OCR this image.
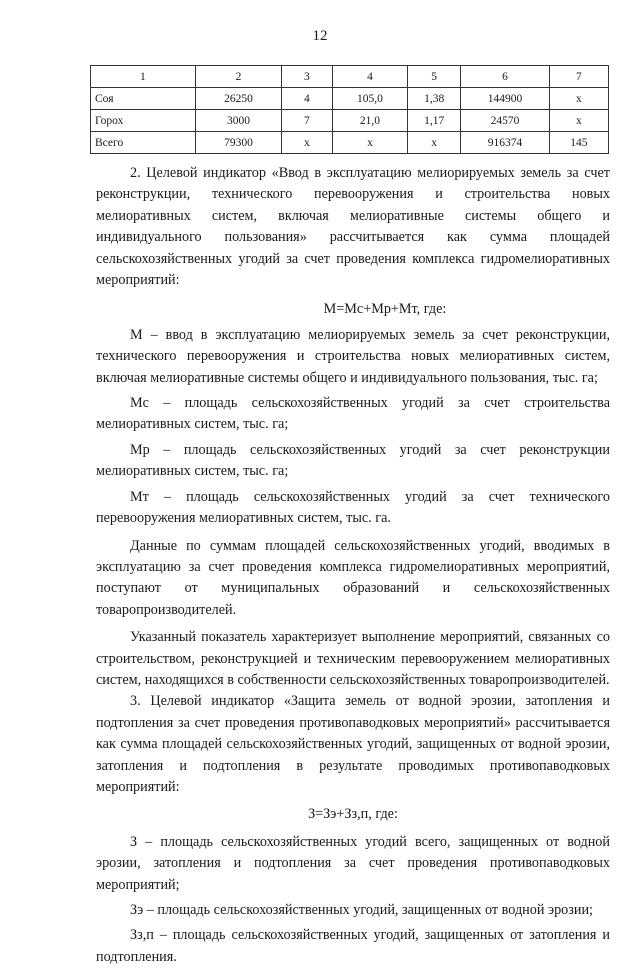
12
1	2	3	4	5	6	7
Соя	26250	4	105,0	1,38	144900	х
Горох	3000	7	21,0	1,17	24570	х
Всего	79300	х	х	х	916374	145

2. Целевой индикатор «Ввод в эксплуатацию мелиорируемых земель за счет реконструкции, технического перевооружения и строительства новых мелиоративных систем, включая мелиоративные системы общего и индивидуального пользования» рассчитывается как сумма площадей сельскохозяйственных угодий за счет проведения комплекса гидромелиоративных мероприятий:

М=Мс+Мр+Мт, где:

М – ввод в эксплуатацию мелиорируемых земель за счет реконструкции, технического перевооружения и строительства новых мелиоративных систем, включая мелиоративные системы общего и индивидуального пользования, тыс. га;

Мс – площадь сельскохозяйственных угодий за счет строительства мелиоративных систем, тыс. га;

Мр – площадь сельскохозяйственных угодий за счет реконструкции мелиоративных систем, тыс. га;

Мт – площадь сельскохозяйственных угодий за счет технического перевооружения мелиоративных систем, тыс. га.

Данные по суммам площадей сельскохозяйственных угодий, вводимых в эксплуатацию за счет проведения комплекса гидромелиоративных мероприятий, поступают от муниципальных образований и сельскохозяйственных товаропроизводителей.

Указанный показатель характеризует выполнение мероприятий, связанных со строительством, реконструкцией и техническим перевооружением мелиоративных систем, находящихся в собственности сельскохозяйственных товаропроизводителей.

3. Целевой индикатор «Защита земель от водной эрозии, затопления и подтопления за счет проведения противопаводковых мероприятий» рассчитывается как сумма площадей сельскохозяйственных угодий, защищенных от водной эрозии, затопления и подтопления в результате проводимых противопаводковых мероприятий:

З=Зэ+Зз,п, где:

З – площадь сельскохозяйственных угодий всего, защищенных от водной эрозии, затопления и подтопления за счет проведения противопаводковых мероприятий;

Зэ – площадь сельскохозяйственных угодий, защищенных от водной эрозии;

Зз,п – площадь сельскохозяйственных угодий, защищенных от затопления и подтопления.
